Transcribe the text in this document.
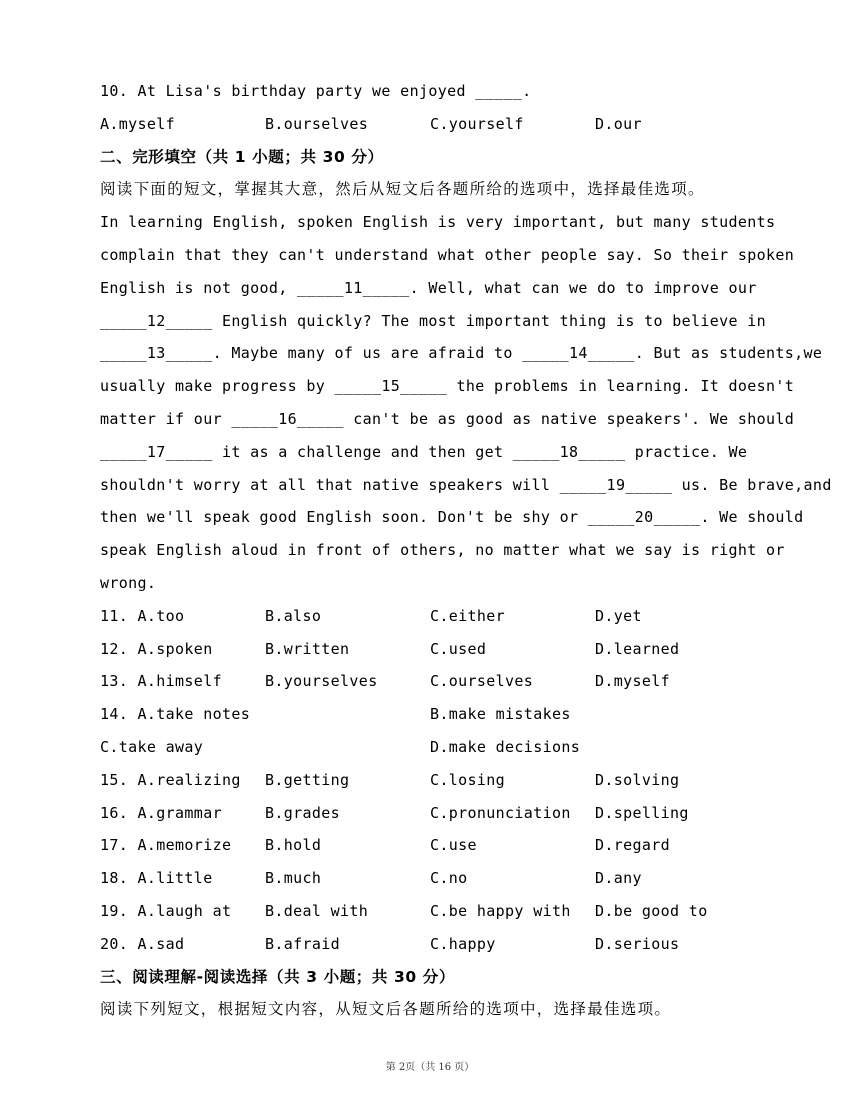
10. At Lisa's birthday party we enjoyed _____.
A.myself	B.ourselves	C.yourself	D.our
二、完形填空（共 1 小题；共 30 分）
阅读下面的短文，掌握其大意，然后从短文后各题所给的选项中，选择最佳选项。
In learning English, spoken English is very important, but many students
complain that they can't understand what other people say. So their spoken
English is not good, _____11_____. Well, what can we do to improve our
_____12_____ English quickly? The most important thing is to believe in
_____13_____. Maybe many of us are afraid to _____14_____. But as students,we
usually make progress by _____15_____ the problems in learning. It doesn't
matter if our _____16_____ can't be as good as native speakers'. We should
_____17_____ it as a challenge and then get _____18_____ practice. We
shouldn't worry at all that native speakers will _____19_____ us. Be brave,and
then we'll speak good English soon. Don't be shy or _____20_____. We should
speak English aloud in front of others, no matter what we say is right or
wrong.
11. A.too	B.also	C.either	D.yet
12. A.spoken	B.written	C.used	D.learned
13. A.himself	B.yourselves	C.ourselves	D.myself
14. A.take notes	B.make mistakes
C.take away	D.make decisions
15. A.realizing	B.getting	C.losing	D.solving
16. A.grammar	B.grades	C.pronunciation	D.spelling
17. A.memorize	B.hold	C.use	D.regard
18. A.little	B.much	C.no	D.any
19. A.laugh at	B.deal with	C.be happy with	D.be good to
20. A.sad	B.afraid	C.happy	D.serious
三、阅读理解-阅读选择（共 3 小题；共 30 分）
阅读下列短文，根据短文内容，从短文后各题所给的选项中，选择最佳选项。
第 2页（共 16 页）
